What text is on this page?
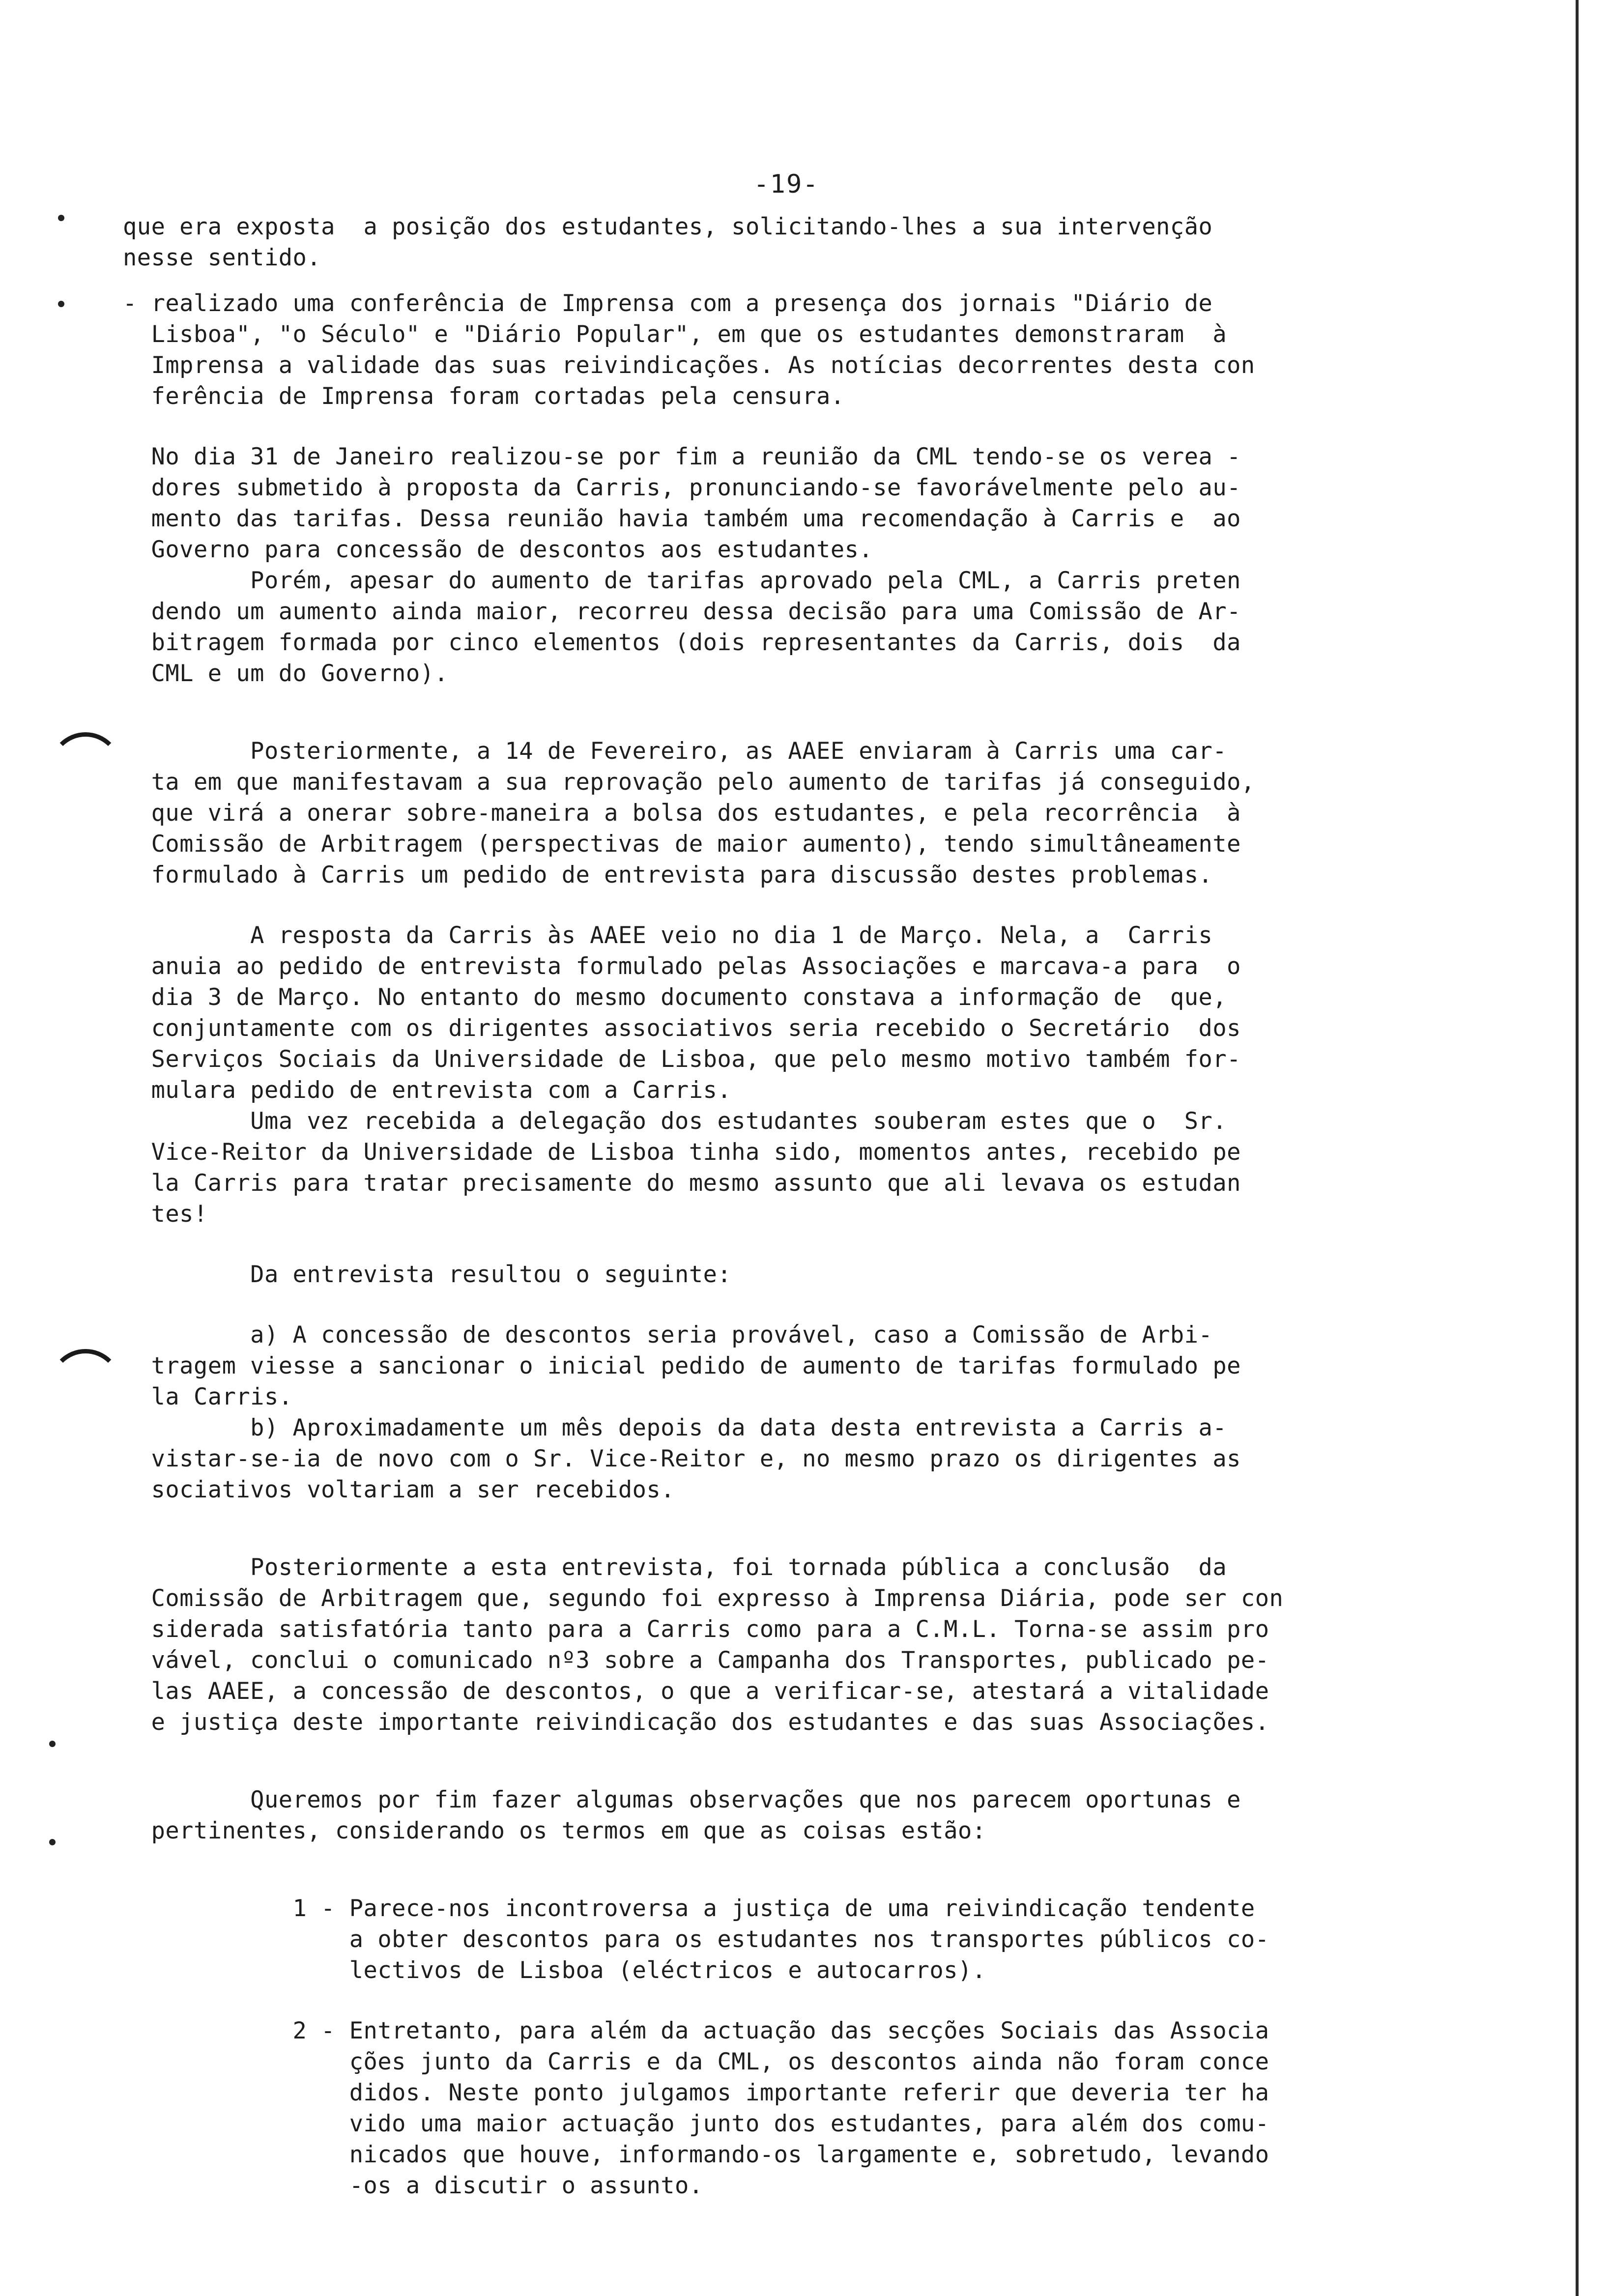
-19-

que era exposta  a posição dos estudantes, solicitando-lhes a sua intervenção
nesse sentido.

- realizado uma conferência de Imprensa com a presença dos jornais "Diário de
Lisboa", "o Século" e "Diário Popular", em que os estudantes demonstraram  à
Imprensa a validade das suas reivindicações. As notícias decorrentes desta con
ferência de Imprensa foram cortadas pela censura.

No dia 31 de Janeiro realizou-se por fim a reunião da CML tendo-se os verea -
dores submetido à proposta da Carris, pronunciando-se favorávelmente pelo au-
mento das tarifas. Dessa reunião havia também uma recomendação à Carris e  ao
Governo para concessão de descontos aos estudantes.

Porém, apesar do aumento de tarifas aprovado pela CML, a Carris preten
dendo um aumento ainda maior, recorreu dessa decisão para uma Comissão de Ar-
bitragem formada por cinco elementos (dois representantes da Carris, dois  da
CML e um do Governo).

Posteriormente, a 14 de Fevereiro, as AAEE enviaram à Carris uma car-
ta em que manifestavam a sua reprovação pelo aumento de tarifas já conseguido,
que virá a onerar sobre-maneira a bolsa dos estudantes, e pela recorrência  à
Comissão de Arbitragem (perspectivas de maior aumento), tendo simultâneamente
formulado à Carris um pedido de entrevista para discussão destes problemas.

A resposta da Carris às AAEE veio no dia 1 de Março. Nela, a  Carris
anuia ao pedido de entrevista formulado pelas Associações e marcava-a para  o
dia 3 de Março. No entanto do mesmo documento constava a informação de  que,
conjuntamente com os dirigentes associativos seria recebido o Secretário  dos
Serviços Sociais da Universidade de Lisboa, que pelo mesmo motivo também for-
mulara pedido de entrevista com a Carris.
Uma vez recebida a delegação dos estudantes souberam estes que o  Sr.
Vice-Reitor da Universidade de Lisboa tinha sido, momentos antes, recebido pe
la Carris para tratar precisamente do mesmo assunto que ali levava os estudan
tes!

Da entrevista resultou o seguinte:

a) A concessão de descontos seria provável, caso a Comissão de Arbi-
tragem viesse a sancionar o inicial pedido de aumento de tarifas formulado pe
la Carris.
b) Aproximadamente um mês depois da data desta entrevista a Carris a-
vistar-se-ia de novo com o Sr. Vice-Reitor e, no mesmo prazo os dirigentes as
sociativos voltariam a ser recebidos.

Posteriormente a esta entrevista, foi tornada pública a conclusão  da
Comissão de Arbitragem que, segundo foi expresso à Imprensa Diária, pode ser con
siderada satisfatória tanto para a Carris como para a C.M.L. Torna-se assim pro
vável, conclui o comunicado nº3 sobre a Campanha dos Transportes, publicado pe-
las AAEE, a concessão de descontos, o que a verificar-se, atestará a vitalidade
e justiça deste importante reivindicação dos estudantes e das suas Associações.

Queremos por fim fazer algumas observações que nos parecem oportunas e
pertinentes, considerando os termos em que as coisas estão:

1 - Parece-nos incontroversa a justiça de uma reivindicação tendente
a obter descontos para os estudantes nos transportes públicos co-
lectivos de Lisboa (eléctricos e autocarros).

2 - Entretanto, para além da actuação das secções Sociais das Associa
ções junto da Carris e da CML, os descontos ainda não foram conce
didos. Neste ponto julgamos importante referir que deveria ter ha
vido uma maior actuação junto dos estudantes, para além dos comu-
nicados que houve, informando-os largamente e, sobretudo, levando
-os a discutir o assunto.
